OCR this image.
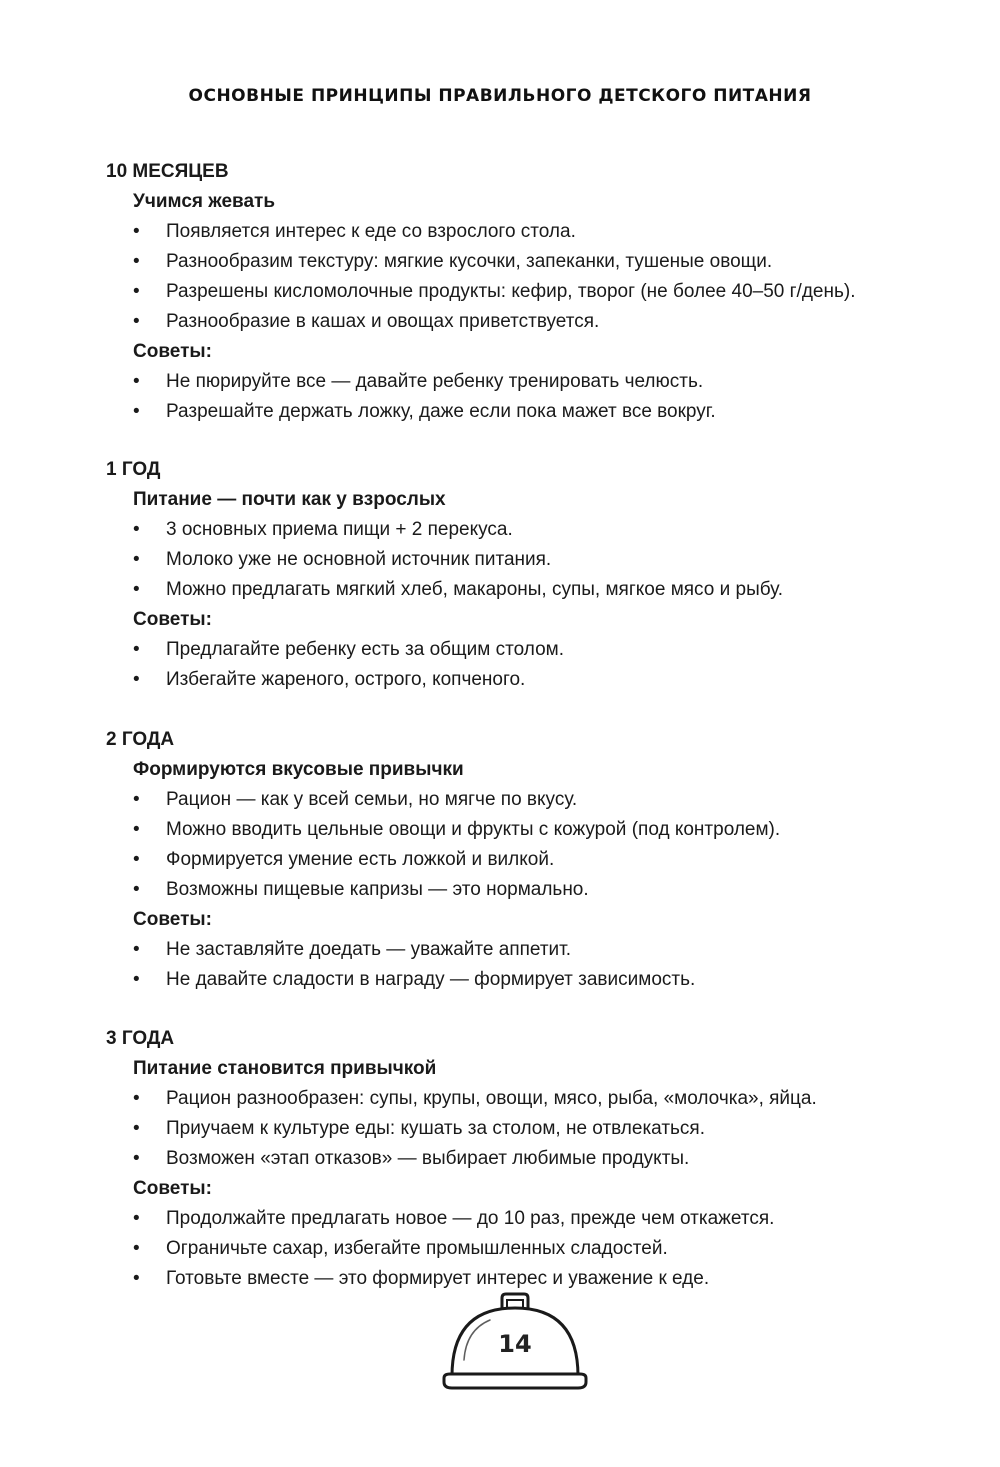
ОСНОВНЫЕ ПРИНЦИПЫ ПРАВИЛЬНОГО ДЕТСКОГО ПИТАНИЯ
10 МЕСЯЦЕВ
Учимся жевать
• Появляется интерес к еде со взрослого стола.
• Разнообразим текстуру: мягкие кусочки, запеканки, тушеные овощи.
• Разрешены кисломолочные продукты: кефир, творог (не более 40–50 г/день).
• Разнообразие в кашах и овощах приветствуется.
Советы:
• Не пюрируйте все — давайте ребенку тренировать челюсть.
• Разрешайте держать ложку, даже если пока мажет все вокруг.
1 ГОД
Питание — почти как у взрослых
• 3 основных приема пищи + 2 перекуса.
• Молоко уже не основной источник питания.
• Можно предлагать мягкий хлеб, макароны, супы, мягкое мясо и рыбу.
Советы:
• Предлагайте ребенку есть за общим столом.
• Избегайте жареного, острого, копченого.
2 ГОДА
Формируются вкусовые привычки
• Рацион — как у всей семьи, но мягче по вкусу.
• Можно вводить цельные овощи и фрукты с кожурой (под контролем).
• Формируется умение есть ложкой и вилкой.
• Возможны пищевые капризы — это нормально.
Советы:
• Не заставляйте доедать — уважайте аппетит.
• Не давайте сладости в награду — формирует зависимость.
3 ГОДА
Питание становится привычкой
• Рацион разнообразен: супы, крупы, овощи, мясо, рыба, «молочка», яйца.
• Приучаем к культуре еды: кушать за столом, не отвлекаться.
• Возможен «этап отказов» — выбирает любимые продукты.
Советы:
• Продолжайте предлагать новое — до 10 раз, прежде чем откажется.
• Ограничьте сахар, избегайте промышленных сладостей.
• Готовьте вместе — это формирует интерес и уважение к еде.
14
